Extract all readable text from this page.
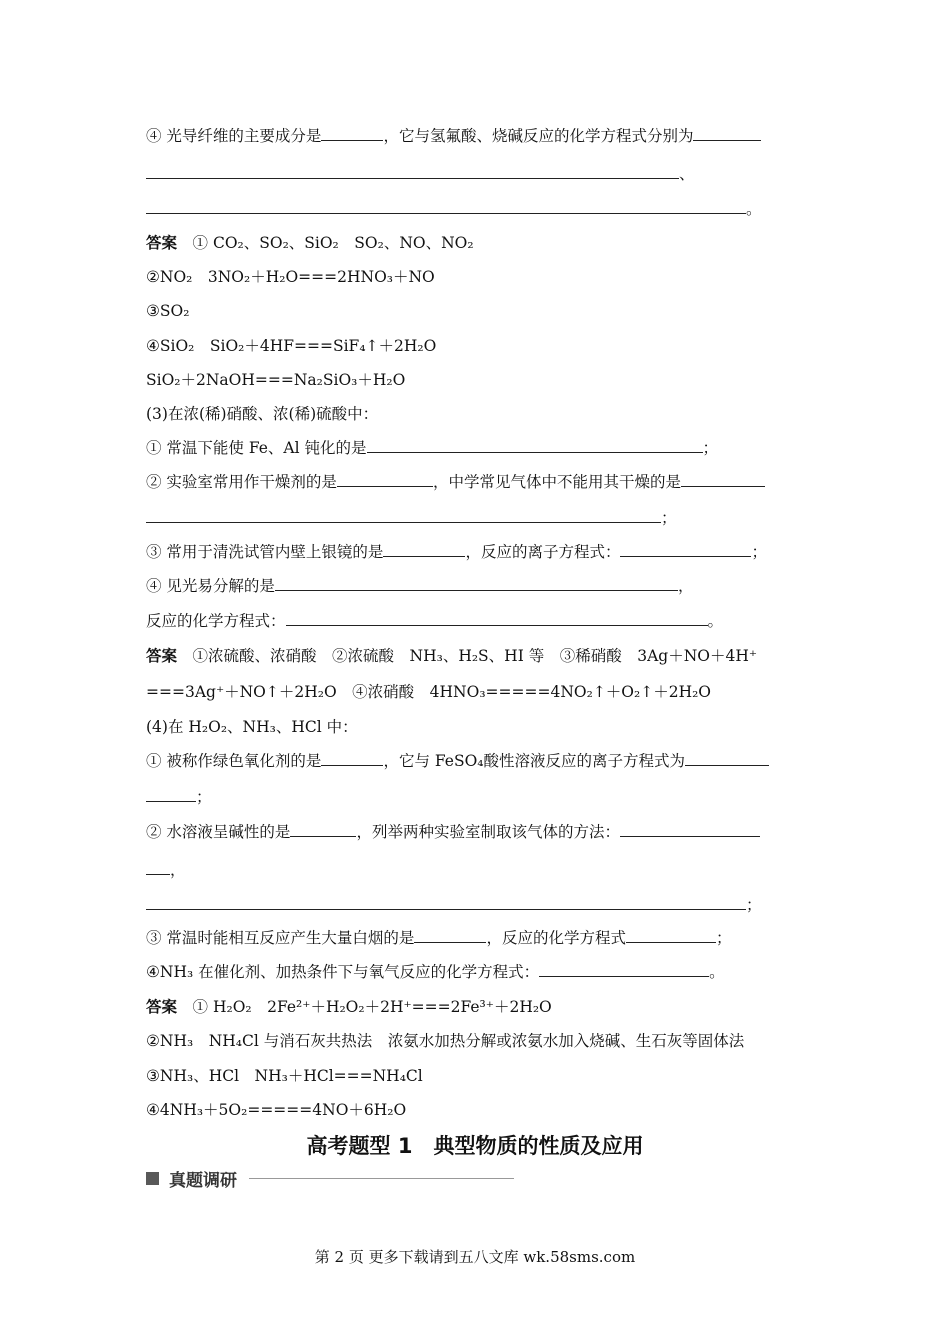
④ 光导纤维的主要成分是	，它与氢氟酸、烧碱反应的化学方程式分别为
、
。
答案　 ① CO₂、SO₂、SiO₂　SO₂、NO、NO₂
②NO₂　3NO₂＋H₂O===2HNO₃＋NO
③SO₂
④SiO₂　SiO₂＋4HF===SiF₄↑＋2H₂O
SiO₂＋2NaOH===Na₂SiO₃＋H₂O
(3)在浓(稀)硝酸、浓(稀)硫酸中：
① 常温下能使 Fe、Al 钝化的是	；
② 实验室常用作干燥剂的是	，中学常见气体中不能用其干燥的是
；
③ 常用于清洗试管内壁上银镜的是	，反应的离子方程式：	；
④ 见光易分解的是	，
反应的化学方程式：	。
答案　 ①浓硫酸、浓硝酸　②浓硫酸　NH₃、H₂S、HI 等　③稀硝酸　3Ag＋NO＋4H⁺
===3Ag⁺＋NO↑＋2H₂O　④浓硝酸　4HNO₃=====4NO₂↑＋O₂↑＋2H₂O
(4)在 H₂O₂、NH₃、HCl 中：
① 被称作绿色氧化剂的是	，它与 FeSO₄酸性溶液反应的离子方程式为
；
② 水溶液呈碱性的是	，列举两种实验室制取该气体的方法：
，
；
③ 常温时能相互反应产生大量白烟的是	，反应的化学方程式	；
④NH₃ 在催化剂、加热条件下与氧气反应的化学方程式：	。
答案　 ① H₂O₂　2Fe²⁺＋H₂O₂＋2H⁺===2Fe³⁺＋2H₂O
②NH₃　NH₄Cl 与消石灰共热法　浓氨水加热分解或浓氨水加入烧碱、生石灰等固体法
③NH₃、HCl　NH₃＋HCl===NH₄Cl
④4NH₃＋5O₂=====4NO＋6H₂O
高考题型 1　典型物质的性质及应用
真题调研
第 2 页 更多下载请到五八文库 wk.58sms.com
